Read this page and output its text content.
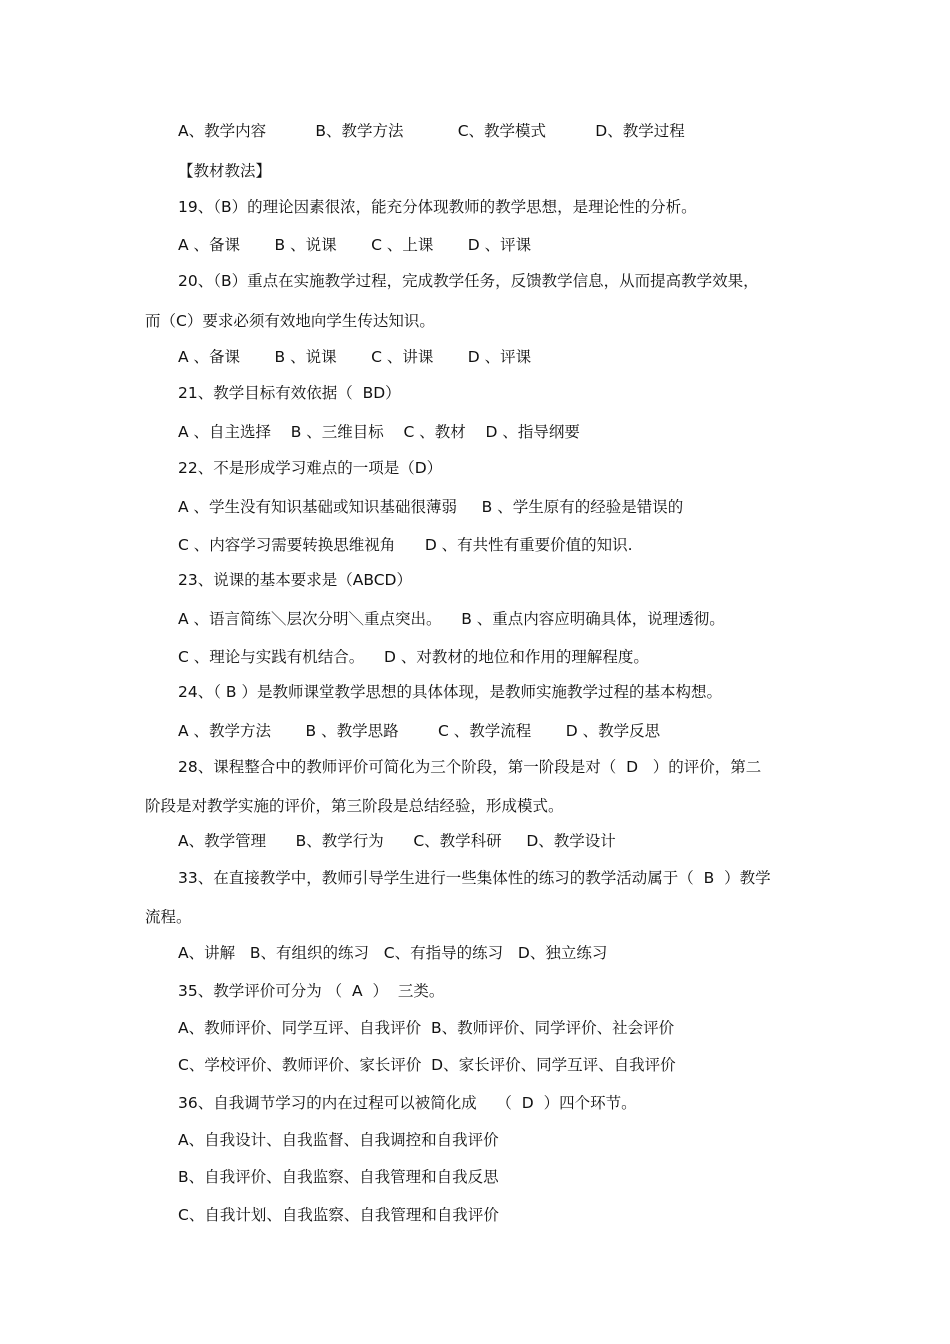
A、教学内容          B、教学方法           C、教学模式          D、教学过程
【教材教法】
19、（B）的理论因素很浓，能充分体现教师的教学思想，是理论性的分析。
A 、备课       B 、说课       C 、上课       D 、评课
20、（B）重点在实施教学过程，完成教学任务，反馈教学信息，从而提高教学效果，
而（C）要求必须有效地向学生传达知识。
A 、备课       B 、说课       C 、讲课       D 、评课
21、教学目标有效依据（  BD）
A 、自主选择    B 、三维目标    C 、教材    D 、指导纲要
22、不是形成学习难点的一项是（D）
A 、学生没有知识基础或知识基础很薄弱     B 、学生原有的经验是错误的
C 、内容学习需要转换思维视角      D 、有共性有重要价值的知识.
23、说课的基本要求是（ABCD）
A 、语言简练＼层次分明＼重点突出。    B 、重点内容应明确具体，说理透彻。
C 、理论与实践有机结合。    D 、对教材的地位和作用的理解程度。
24、（ B ）是教师课堂教学思想的具体体现，是教师实施教学过程的基本构想。
A 、教学方法       B 、教学思路        C 、教学流程       D 、教学反思
28、课程整合中的教师评价可简化为三个阶段，第一阶段是对（  D   ）的评价，第二
阶段是对教学实施的评价，第三阶段是总结经验，形成模式。
A、教学管理      B、教学行为      C、教学科研     D、教学设计
33、在直接教学中，教师引导学生进行一些集体性的练习的教学活动属于（  B  ）教学
流程。
A、讲解   B、有组织的练习   C、有指导的练习   D、独立练习
35、教学评价可分为 （  A  ）  三类。
A、教师评价、同学互评、自我评价  B、教师评价、同学评价、社会评价
C、学校评价、教师评价、家长评价  D、家长评价、同学互评、自我评价
36、自我调节学习的内在过程可以被简化成    （  D  ）四个环节。
A、自我设计、自我监督、自我调控和自我评价
B、自我评价、自我监察、自我管理和自我反思
C、自我计划、自我监察、自我管理和自我评价
